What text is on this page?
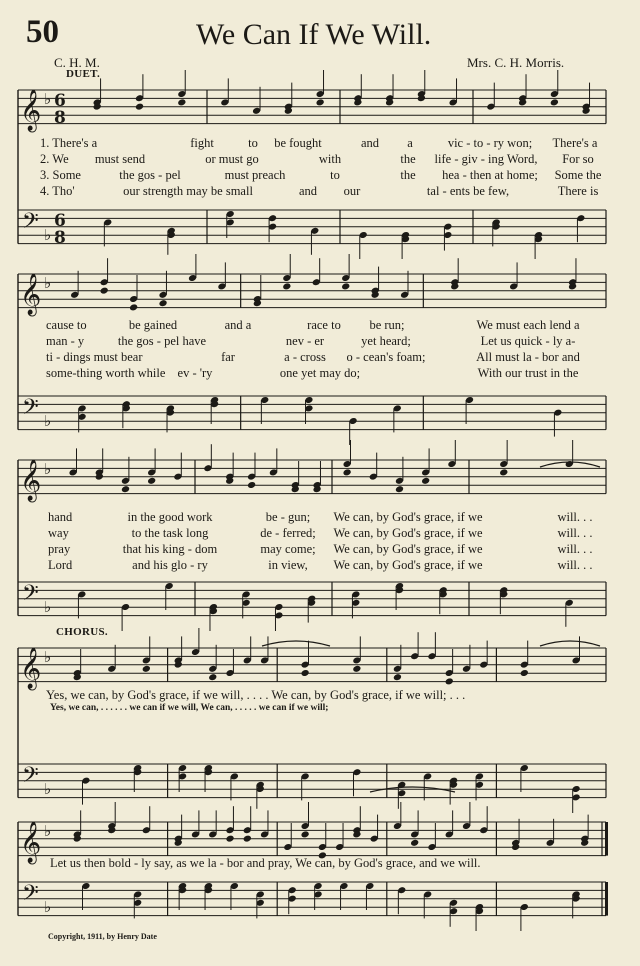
50	We Can If We Will.
C. H. M.
DUET.
Mrs. C. H. Morris.
CHORUS.
Copyright, 1911, by Henry Date
𝄞
𝄢
♭
♭
6
8
6
8
𝄞
𝄢
♭
♭
𝄞
𝄢
♭
♭
𝄞
𝄢
♭
♭
𝄞
𝄢
♭
♭
1. There's a	fight	to be fought	and a	vic - to - ry won; There's a
2. We must send	or must go	with	the life - giv - ing Word, For so
3. Some	the gos - pel	must preach	to	the hea - then at home; Some the
4. Tho'	our strength may be small	and our	tal - ents be few,	There is
cause to	be gained	and a	race to be run;	We must each lend a
man - y	the gos - pel have	nev - er	yet heard;	Let us quick - ly a-
ti - dings must bear	far	a - cross o - cean's foam;	All must la - bor and
some-thing worth while ev - 'ry	one yet may do;	With our trust in the
hand	in the good work	be - gun; We can, by God's grace, if we	will. . .
way	to the task long	de - ferred; We can, by God's grace, if we	will. . .
pray	that his king - dom	may come; We can, by God's grace, if we	will. . .
Lord	and his glo - ry	in view, We can, by God's grace, if we	will. . .
Yes, we can, by God's grace, if we will, . . . . We can, by God's grace, if we will; . . .
Yes, we can, . . . . . . we can if we will, We can, . . . . . we can if we will;
Let us then bold - ly say, as we la - bor and pray, We can, by God's grace, and we will.
